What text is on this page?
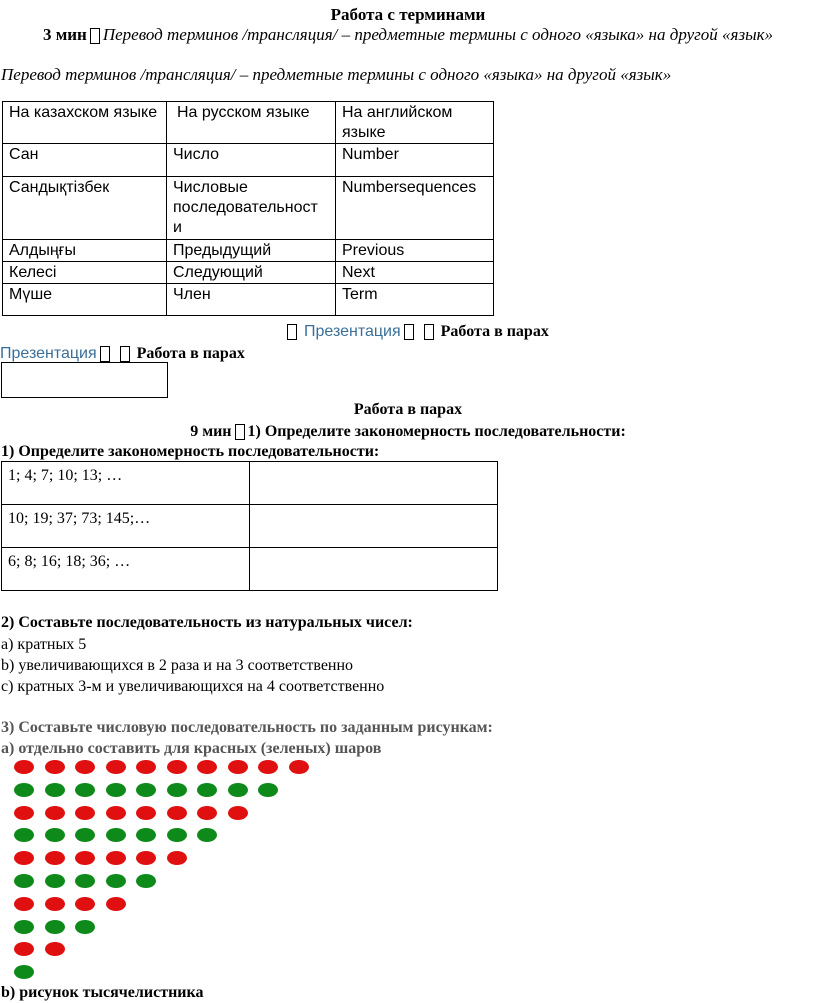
Работа с терминами
3 мин Перевод терминов /трансляция/ – предметные термины с одного «языка» на другой «язык»
Перевод терминов /трансляция/ – предметные термины с одного «языка» на другой «язык»
На казахском языке	На русском языке	На английском языке
Сан	Число	Number
Сандықтізбек	Числовые последовательност и	Numbersequences
Алдыңғы	Предыдущий	Previous
Келесі	Следующий	Next
Мүше	Член	Term
Презентация	Работа в парах
Презентация	Работа в парах
Работа в парах
9 мин 1) Определите закономерность последовательности:
1) Определите закономерность последовательности:
1; 4; 7; 10; 13; …	
10; 19; 37; 73; 145;…	
6; 8; 16; 18; 36; …	
2) Составьте последовательность из натуральных чисел:
a) кратных 5
b) увеличивающихся в 2 раза и на 3 соответственно
c) кратных 3-м и увеличивающихся на 4 соответственно
3) Составьте числовую последовательность по заданным рисункам:
а) отдельно составить для красных (зеленых) шаров
b) рисунок тысячелистника
